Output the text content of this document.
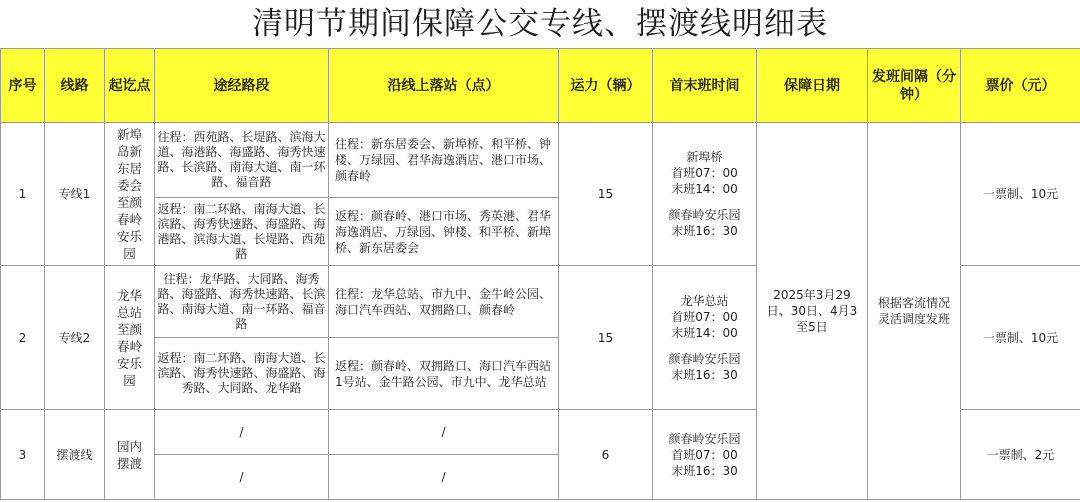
清明节期间保障公交专线、摆渡线明细表
序号	线路	起讫点	途经路段	沿线上落站（点）	运力（辆）	首末班时间	保障日期	发班间隔（分钟）	票价（元）
1	专线1	新埠岛新东居委会至颜春岭安乐园	往程：西苑路、长堤路、滨海大道、海港路、海盛路、海秀快速路、长滨路、南海大道、南一环路、福音路	往程：新东居委会、新埠桥、和平桥、钟楼、万绿园、君华海逸酒店、港口市场、颜春岭	15	新埠桥
首班07：00
末班14：00
颜春岭安乐园
末班16：30	2025年3月29日、30日、4月3至5日	根据客流情况灵活调度发班	一票制、10元
			返程：南二环路、南海大道、长滨路、海秀快速路、海盛路、海港路、滨海大道、长堤路、西苑路	返程：颜春岭、港口市场、秀英港、君华海逸酒店、万绿园、钟楼、和平桥、新埠桥、新东居委会					
2	专线2	龙华总站至颜春岭安乐园	往程：龙华路、大同路、海秀路、海盛路、海秀快速路、长滨路、南海大道、南一环路、福音路	往程：龙华总站、市九中、金牛岭公园、海口汽车西站、双拥路口、颜春岭	15	龙华总站
首班07：00
末班14：00
颜春岭安乐园
末班16：30			一票制、10元
			返程：南二环路、南海大道、长滨路、海秀快速路、海盛路、海秀路、大同路、龙华路	返程：颜春岭、双拥路口、海口汽车西站1号站、金牛路公园、市九中、龙华总站					
3	摆渡线	园内摆渡	/	/	6	颜春岭安乐园
首班07：00
末班16：30			一票制、2元
			/	/					
